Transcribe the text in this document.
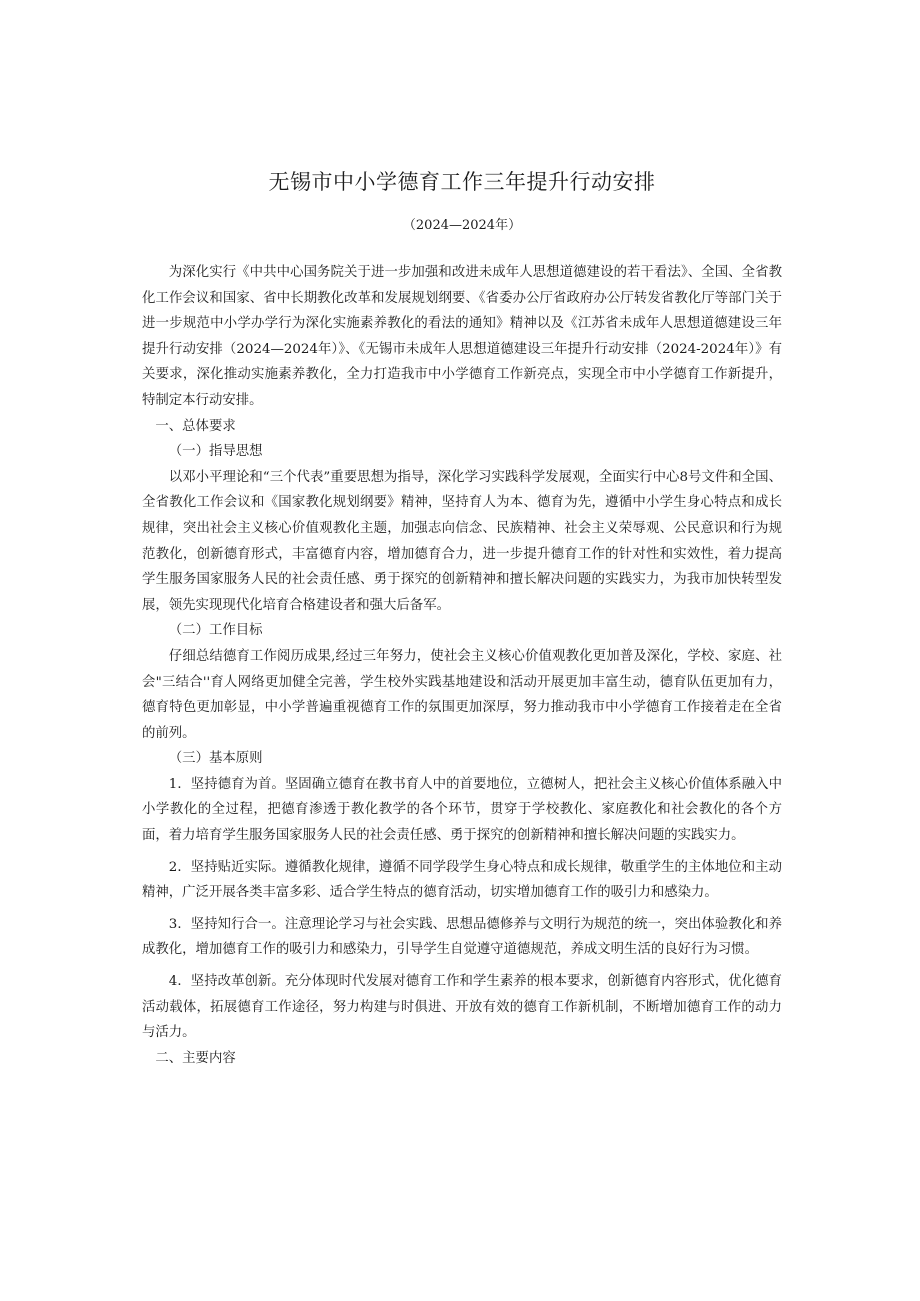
无锡市中小学德育工作三年提升行动安排
（2024—2024年）

为深化实行《中共中心国务院关于进一步加强和改进未成年人思想道德建设的若干看法》、全国、全省教化工作会议和国家、省中长期教化改革和发展规划纲要、《省委办公厅省政府办公厅转发省教化厅等部门关于进一步规范中小学办学行为深化实施素养教化的看法的通知》精神以及《江苏省未成年人思想道德建设三年提升行动安排（2024—2024年）》、《无锡市未成年人思想道德建设三年提升行动安排（2024-2024年）》有关要求，深化推动实施素养教化，全力打造我市中小学德育工作新亮点，实现全市中小学德育工作新提升，特制定本行动安排。

一、总体要求

（一）指导思想

以邓小平理论和“三个代表”重要思想为指导，深化学习实践科学发展观，全面实行中心8号文件和全国、全省教化工作会议和《国家教化规划纲要》精神，坚持育人为本、德育为先，遵循中小学生身心特点和成长规律，突出社会主义核心价值观教化主题，加强志向信念、民族精神、社会主义荣辱观、公民意识和行为规范教化，创新德育形式，丰富德育内容，增加德育合力，进一步提升德育工作的针对性和实效性，着力提高学生服务国家服务人民的社会责任感、勇于探究的创新精神和擅长解决问题的实践实力，为我市加快转型发展，领先实现现代化培育合格建设者和强大后备军。

（二）工作目标

仔细总结德育工作阅历成果,经过三年努力，使社会主义核心价值观教化更加普及深化，学校、家庭、社会"三结合''育人网络更加健全完善，学生校外实践基地建设和活动开展更加丰富生动，德育队伍更加有力，德育特色更加彰显，中小学普遍重视德育工作的氛围更加深厚，努力推动我市中小学德育工作接着走在全省的前列。

（三）基本原则

1．坚持德育为首。坚固确立德育在教书育人中的首要地位，立德树人，把社会主义核心价值体系融入中小学教化的全过程，把德育渗透于教化教学的各个环节，贯穿于学校教化、家庭教化和社会教化的各个方面，着力培育学生服务国家服务人民的社会责任感、勇于探究的创新精神和擅长解决问题的实践实力。

2．坚持贴近实际。遵循教化规律，遵循不同学段学生身心特点和成长规律，敬重学生的主体地位和主动精神，广泛开展各类丰富多彩、适合学生特点的德育活动，切实增加德育工作的吸引力和感染力。

3．坚持知行合一。注意理论学习与社会实践、思想品德修养与文明行为规范的统一，突出体验教化和养成教化，增加德育工作的吸引力和感染力，引导学生自觉遵守道德规范，养成文明生活的良好行为习惯。

4．坚持改革创新。充分体现时代发展对德育工作和学生素养的根本要求，创新德育内容形式，优化德育活动载体，拓展德育工作途径，努力构建与时俱进、开放有效的德育工作新机制，不断增加德育工作的动力与活力。

二、主要内容
